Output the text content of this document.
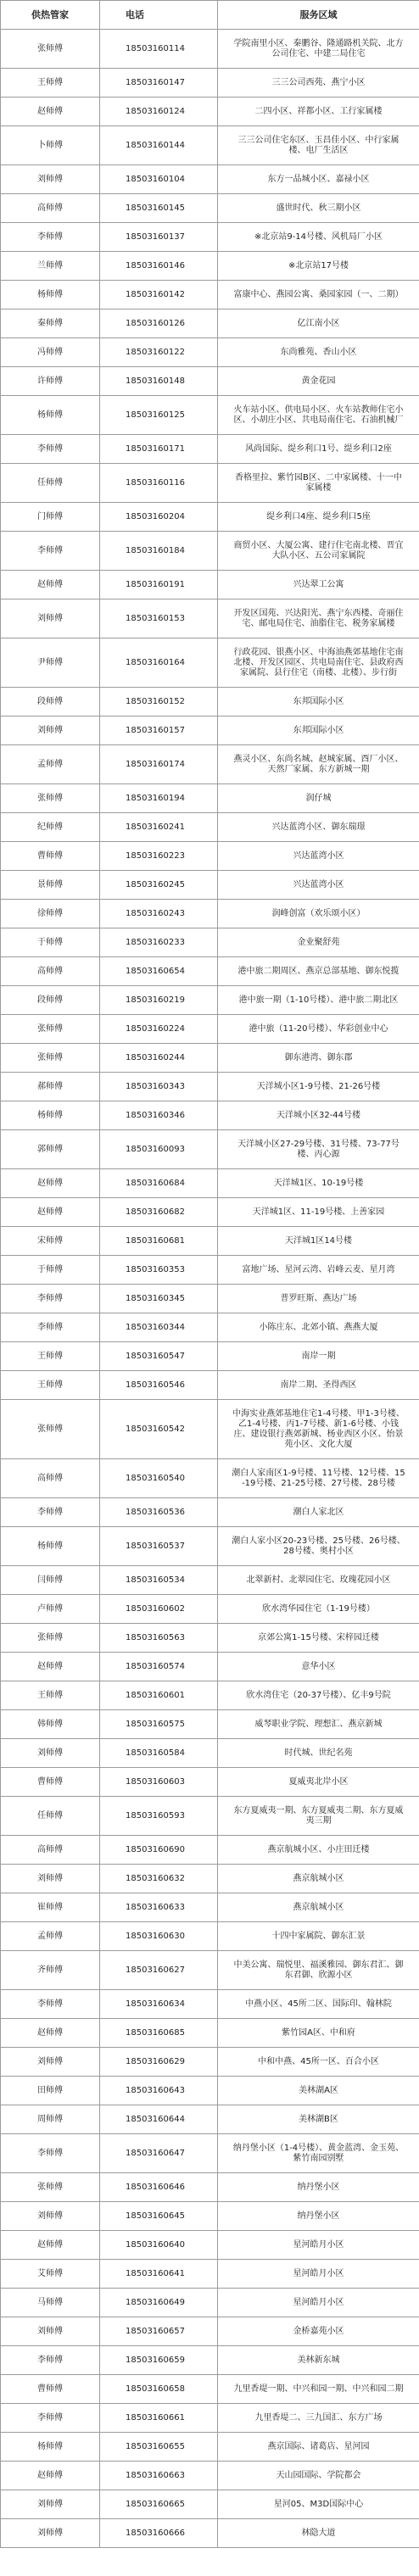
供热管家	电话	服务区域
张师傅	18503160114	学院南里小区、秦鹏谷、隆通路机关院、北方公司住宅、中建二局住宅
王师傅	18503160147	三三公司西苑、燕宁小区
赵师傅	18503160124	二四小区、祥都小区、工行家属楼
卜师傅	18503160144	三三公司住宅东区、玉昌佳小区、中行家属楼、电厂生活区
刘师傅	18503160104	东方一品城小区、嘉禄小区
高师傅	18503160145	盛世时代、秋三期小区
李师傅	18503160137	※北京站9-14号楼、风机局厂小区
兰师傅	18503160146	※北京站17号楼
杨师傅	18503160142	富康中心、燕园公寓、桑园家园（一、二期）
秦师傅	18503160126	亿江南小区
冯师傅	18503160122	东尚雅苑、香山小区
许师傅	18503160148	黄金花园
杨师傅	18503160125	火车站小区、供电局小区、火车站教师住宅小区、小胡庄小区、共电局南住宅、石油机械厂
李师傅	18503160171	风尚国际、缇乡利口1号、缇乡利口2座
任师傅	18503160116	香格里拉、紫竹园B区、二中家属楼、十一中家属楼
门师傅	18503160204	缇乡利口4座、缇乡利口5座
李师傅	18503160184	商贸小区、大厦公寓、建行住宅南北楼、晋宜大队小区、五公司家属院
赵师傅	18503160191	兴达翠工公寓
刘师傅	18503160153	开发区国苑、兴达阳光、燕宁东西楼、奇丽住宅、邮电局住宅、油脂住宅、税务家属楼
尹师傅	18503160164	行政花园、银燕小区、中海油燕郊基地住宅南北楼、开发区园区、共电局南住宅、县政府西家属院、县行住宅（南楼、北楼）、步行街
段师傅	18503160152	东邦国际小区
刘师傅	18503160157	东邦国际小区
孟师傅	18503160174	燕灵小区、东尚名城、赵城家属、酉厂小区、天然厂家属、东方新城一期
张师傅	18503160194	润仔城
纪师傅	18503160241	兴达蓝湾小区、御东瑞璟
曹师傅	18503160223	兴达蓝湾小区
景师傅	18503160245	兴达蓝湾小区
徐师傅	18503160243	润峰创富（欢乐颂小区）
于师傅	18503160233	金业聚舒苑
高师傅	18503160654	港中旅二期周区、燕京总部基地、御东悦揽
段师傅	18503160219	港中旅一期（1-10号楼）、港中旅二期北区
张师傅	18503160224	港中旅（11-20号楼）、华彩创业中心
张师傅	18503160244	御东港湾、御东郡
郝师傅	18503160343	天洋城小区1-9号楼、21-26号楼
杨师傅	18503160346	天洋城小区32-44号楼
郭师傅	18503160093	天洋城小区27-29号楼、31号楼、73-77号楼、丙心源
赵师傅	18503160684	天洋城1区、10-19号楼
赵师傅	18503160682	天洋城1区、11-19号楼、上善家园
宋师傅	18503160681	天洋城1区14号楼
于师傅	18503160353	富地广场、星河云湾、岩峰云麦、星月湾
李师傅	18503160345	普罗旺斯、燕达广场
李师傅	18503160344	小陈庄东、北郊小镇、燕燕大厦
王师傅	18503160547	南岸一期
王师傅	18503160546	南岸二期、圣得西区
张师傅	18503160542	中海实业燕郊基地住宅1-4号楼、甲1-3号楼、乙1-4号楼、丙1-7号楼、新1-6号楼、小钱庄、建设银行燕郊新城、杨业西区小区、怡景苑小区、文化大厦
高师傅	18503160540	潮白人家南区1-9号楼、11号楼、12号楼、15-19号楼、21-25号楼、27号楼、28号楼
李师傅	18503160536	潮白人家北区
杨师傅	18503160537	潮白人家小区20-23号楼、25号楼、26号楼、28号楼、奥村小区
闫师傅	18503160534	北翠新村、北翠园住宅、玫瑰花园小区
卢师傅	18503160602	欣水湾华园住宅（1-19号楼）
张师傅	18503160563	京郊公寓1-15号楼、宋梓园迁楼
赵师傅	18503160574	意华小区
王师傅	18503160601	欣水湾住宅（20-37号楼）、亿丰9号院
韩师傅	18503160575	威琴职业学院、理想汇、燕京新城
刘师傅	18503160584	时代城、世纪名苑
曹师傅	18503160603	夏威夷北岸小区
任师傅	18503160593	东方夏威夷一期、东方夏威夷二期、东方夏威夷三期
高师傅	18503160690	燕京航城小区、小庄田迁楼
刘师傅	18503160632	燕京航城小区
崔师傅	18503160633	燕京航城小区
孟师傅	18503160630	十四中家属院、御东汇景
齐师傅	18503160627	中美公寓、瑞悦里、福溪雅园、御东君汇、御东君御、欣源小区
李师傅	18503160634	中燕小区、45所二区、国际印、翰林院
赵师傅	18503160685	紫竹园A区、中和府
刘师傅	18503160629	中和中燕、45所一区、百合小区
田师傅	18503160643	美林湖A区
周师傅	18503160644	美林湖B区
李师傅	18503160647	纳丹堡小区（1-4号楼）、黄金蓝湾、金玉苑、紫竹南园别墅
张师傅	18503160646	纳丹堡小区
刘师傅	18503160645	纳丹堡小区
赵师傅	18503160640	星河皓月小区
艾师傅	18503160641	星河皓月小区
马师傅	18503160649	星河皓月小区
刘师傅	18503160657	金桥嘉苑小区
李师傅	18503160659	美林新东城
曹师傅	18503160658	九里香堤一期、中兴和园一期、中兴和园二期
李师傅	18503160661	九里香堤二、三九国汇、东方广场
杨师傅	18503160655	燕京国际、诸葛店、星河园
赵师傅	18503160663	天山园国际、学院都会
刘师傅	18503160665	星河05、M3D国际中心
刘师傅	18503160666	林隐大道
